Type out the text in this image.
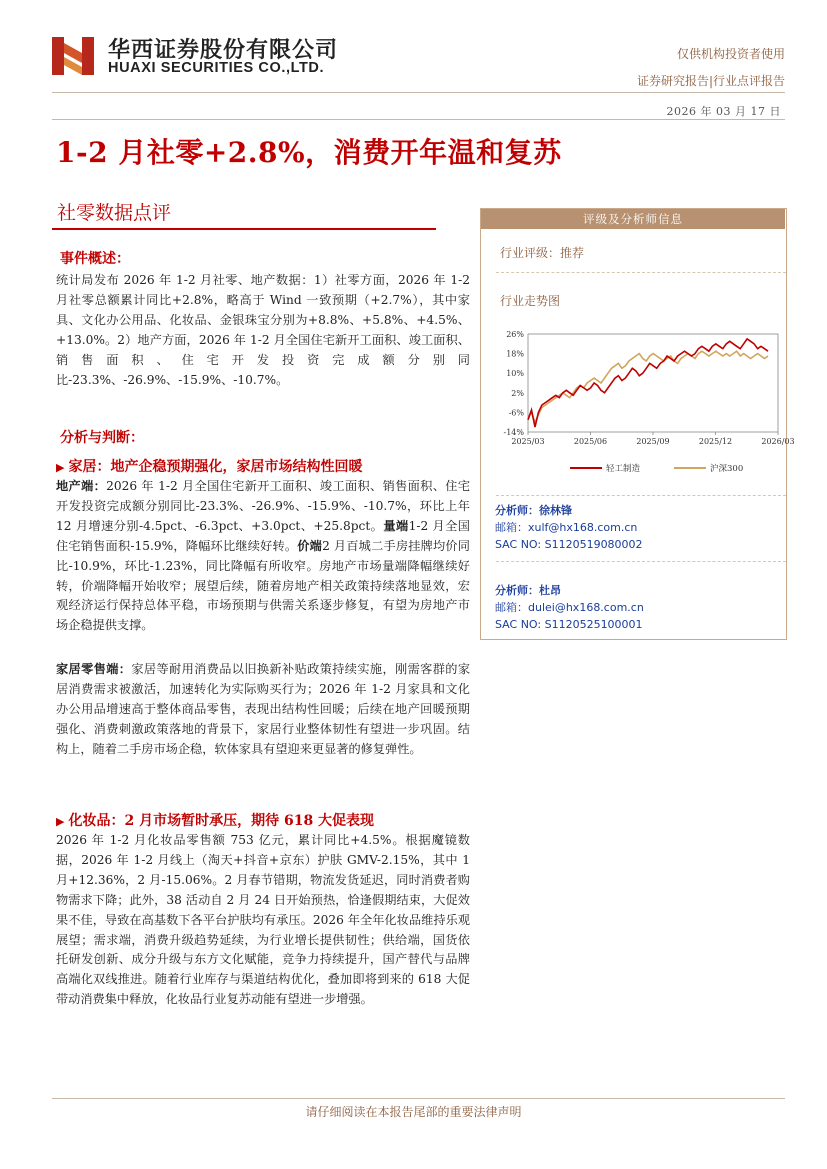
华西证券股份有限公司
HUAXI SECURITIES CO.,LTD.
仅供机构投资者使用
证券研究报告|行业点评报告
2026 年 03 月 17 日
1-2 月社零+2.8%，消费开年温和复苏
社零数据点评
事件概述：
统计局发布 2026 年 1-2 月社零、地产数据：1）社零方面，2026 年 1-2 月社零总额累计同比+2.8%，略高于 Wind 一致预期（+2.7%），其中家具、文化办公用品、化妆品、金银珠宝分别为+8.8%、+5.8%、+4.5%、+13.0%。2）地产方面，2026 年 1-2 月全国住宅新开工面积、竣工面积、销售面积、住宅开发投资完成额分别同比-23.3%、-26.9%、-15.9%、-10.7%。
分析与判断：
▶ 家居：地产企稳预期强化，家居市场结构性回暖
地产端：2026 年 1-2 月全国住宅新开工面积、竣工面积、销售面积、住宅开发投资完成额分别同比-23.3%、-26.9%、-15.9%、-10.7%，环比上年 12 月增速分别-4.5pct、-6.3pct、+3.0pct、+25.8pct。量端1-2 月全国住宅销售面积-15.9%，降幅环比继续好转。价端2 月百城二手房挂牌均价同比-10.9%，环比-1.23%，同比降幅有所收窄。房地产市场量端降幅继续好转，价端降幅开始收窄；展望后续，随着房地产相关政策持续落地显效，宏观经济运行保持总体平稳，市场预期与供需关系逐步修复，有望为房地产市场企稳提供支撑。
家居零售端：家居等耐用消费品以旧换新补贴政策持续实施，刚需客群的家居消费需求被激活，加速转化为实际购买行为；2026 年 1-2 月家具和文化办公用品增速高于整体商品零售，表现出结构性回暖；后续在地产回暖预期强化、消费刺激政策落地的背景下，家居行业整体韧性有望进一步巩固。结构上，随着二手房市场企稳，软体家具有望迎来更显著的修复弹性。
▶ 化妆品：2 月市场暂时承压，期待 618 大促表现
2026 年 1-2 月化妆品零售额 753 亿元，累计同比+4.5%。根据魔镜数据，2026 年 1-2 月线上（淘天+抖音+京东）护肤 GMV-2.15%，其中 1 月+12.36%，2 月-15.06%。2 月春节错期，物流发货延迟，同时消费者购物需求下降；此外，38 活动自 2 月 24 日开始预热，恰逢假期结束，大促效果不佳，导致在高基数下各平台护肤均有承压。2026 年全年化妆品维持乐观展望；需求端，消费升级趋势延续，为行业增长提供韧性；供给端，国货依托研发创新、成分升级与东方文化赋能，竞争力持续提升，国产替代与品牌高端化双线推进。随着行业库存与渠道结构优化，叠加即将到来的 618 大促带动消费集中释放，化妆品行业复苏动能有望进一步增强。
评级及分析师信息
行业评级：推荐
行业走势图
26%
18%
10%
2%
-6%
-14%
2025/03	2025/06	2025/09	2025/12	2026/03
轻工制造	沪深300
分析师：徐林锋
邮箱：xulf@hx168.com.cn
SAC NO: S1120519080002
分析师：杜昂
邮箱：dulei@hx168.com.cn
SAC NO: S1120525100001
请仔细阅读在本报告尾部的重要法律声明
